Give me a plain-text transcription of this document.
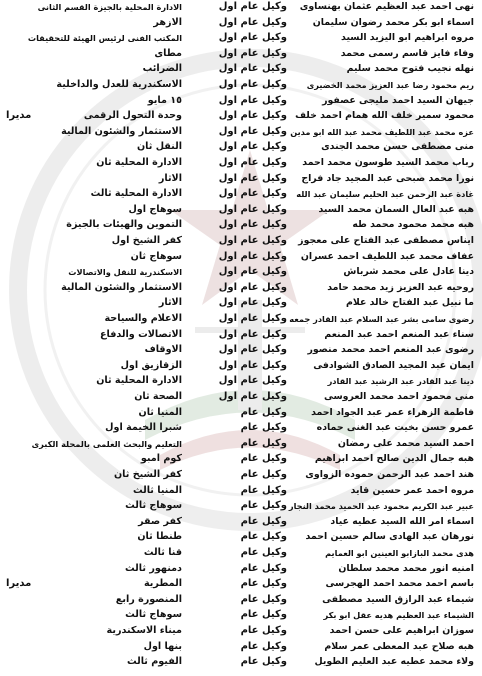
نهى احمد عبد العظيم عثمان بهنساوى
وكيل عام اول
الادارة المحلية بالجيزة القسم الثانى
اسماء ابو بكر محمد رضوان سليمان
وكيل عام اول
الازهر
مروه ابراهيم ابو اليزيد السيد
وكيل عام اول
المكتب الفنى لرئيس الهيئة للتحقيقات
وفاء فايز قاسم رسمى محمد
وكيل عام اول
مطاى
نهله نجيب فتوح محمد سليم
وكيل عام اول
الضرائب
ريم محمود رضا عبد العزيز محمد الخضيرى
وكيل عام اول
الاسكندرية للعدل والداخلية
جيهان السيد احمد مليجى عصفور
وكيل عام اول
١٥ مايو
محمود سمير خلف الله همام احمد خلف
وكيل عام اول
وحدة التحول الرقمى
مديرا
عزه محمد عبد اللطيف محمد عبد الله ابو مدين
وكيل عام اول
الاستثمار والشئون المالية
منى مصطفى حسن محمد الجندى
وكيل عام اول
النقل ثان
رباب محمد السيد طوسون محمد احمد
وكيل عام اول
الادارة المحلية ثان
نورا محمد صبحى عبد المجيد جاد فراج
وكيل عام اول
الاثار
غادة عبد الرحمن عبد الحليم سليمان عبد الله
وكيل عام اول
الادارة المحلية ثالث
هبه عبد العال السمان محمد السيد
وكيل عام اول
سوهاج اول
هبه محمد محمود محمد طه
وكيل عام اول
التموين والهيئات بالجيزة
ايناس مصطفى عبد الفتاح على معجوز
وكيل عام اول
كفر الشيخ اول
عفاف محمد عبد اللطيف احمد عسران
وكيل عام اول
سوهاج ثان
دينا عادل على محمد شرباش
وكيل عام اول
الاسكندرية للنقل والاتصالات
روحيه عبد العزيز زيد محمد حامد
وكيل عام اول
الاستثمار والشئون المالية
ما نبيل عبد الفتاح خالد علام
وكيل عام اول
الاثار
رضوى سامى بشر عبد السلام عبد القادر جمعه
وكيل عام اول
الاعلام والسياحة
سناء عبد المنعم احمد عبد المنعم
وكيل عام اول
الاتصالات والدفاع
رضوى عبد المنعم احمد محمد منصور
وكيل عام اول
الاوقاف
ايمان عبد المجيد الصادق الشوادفى
وكيل عام اول
الزقازيق اول
دينا عبد القادر عبد الرشيد عبد القادر
وكيل عام اول
الادارة المحلية ثان
منى محمود احمد محمد العروسى
وكيل عام اول
الصحة ثان
فاطمة الزهراء عمر عبد الجواد احمد
وكيل عام
المنيا ثان
عمرو حسن بخيت عبد الغنى حماده
وكيل عام
شبرا الخيمة اول
احمد السيد محمد على رمضان
وكيل عام
التعليم والبحث العلمى بالمحلة الكبرى
هبه جمال الدين صالح احمد ابراهيم
وكيل عام
كوم امبو
هند احمد عبد الرحمن حموده الزواوى
وكيل عام
كفر الشيخ ثان
مروه احمد عمر حسين قايد
وكيل عام
المنيا ثالث
عبير عبد الكريم محمود عبد الحميد محمد النجار
وكيل عام
سوهاج ثالث
اسماء امر الله السيد عطيه عياد
وكيل عام
كفر صقر
نورهان عبد الهادى سالم حسين احمد
وكيل عام
طنطا ثان
هدى محمد البازابو العينين ابو العمايم
وكيل عام
قنا ثالث
امنيه انور محمد محمد سلطان
وكيل عام
دمنهور ثالث
باسم احمد محمد احمد الهجرسى
وكيل عام
المطرية
مديرا
شيماء عبد الرازق السيد مصطفى
وكيل عام
المنصورة رابع
الشيماء عبد العظيم هديه عقل ابو بكر
وكيل عام
سوهاج ثالث
سوزان ابراهيم على حسن احمد
وكيل عام
ميناء الاسكندرية
هبه صلاح عبد المعطى عمر سلام
وكيل عام
بنها اول
ولاء محمد عطيه عبد العليم الطويل
وكيل عام
الفيوم ثالث
